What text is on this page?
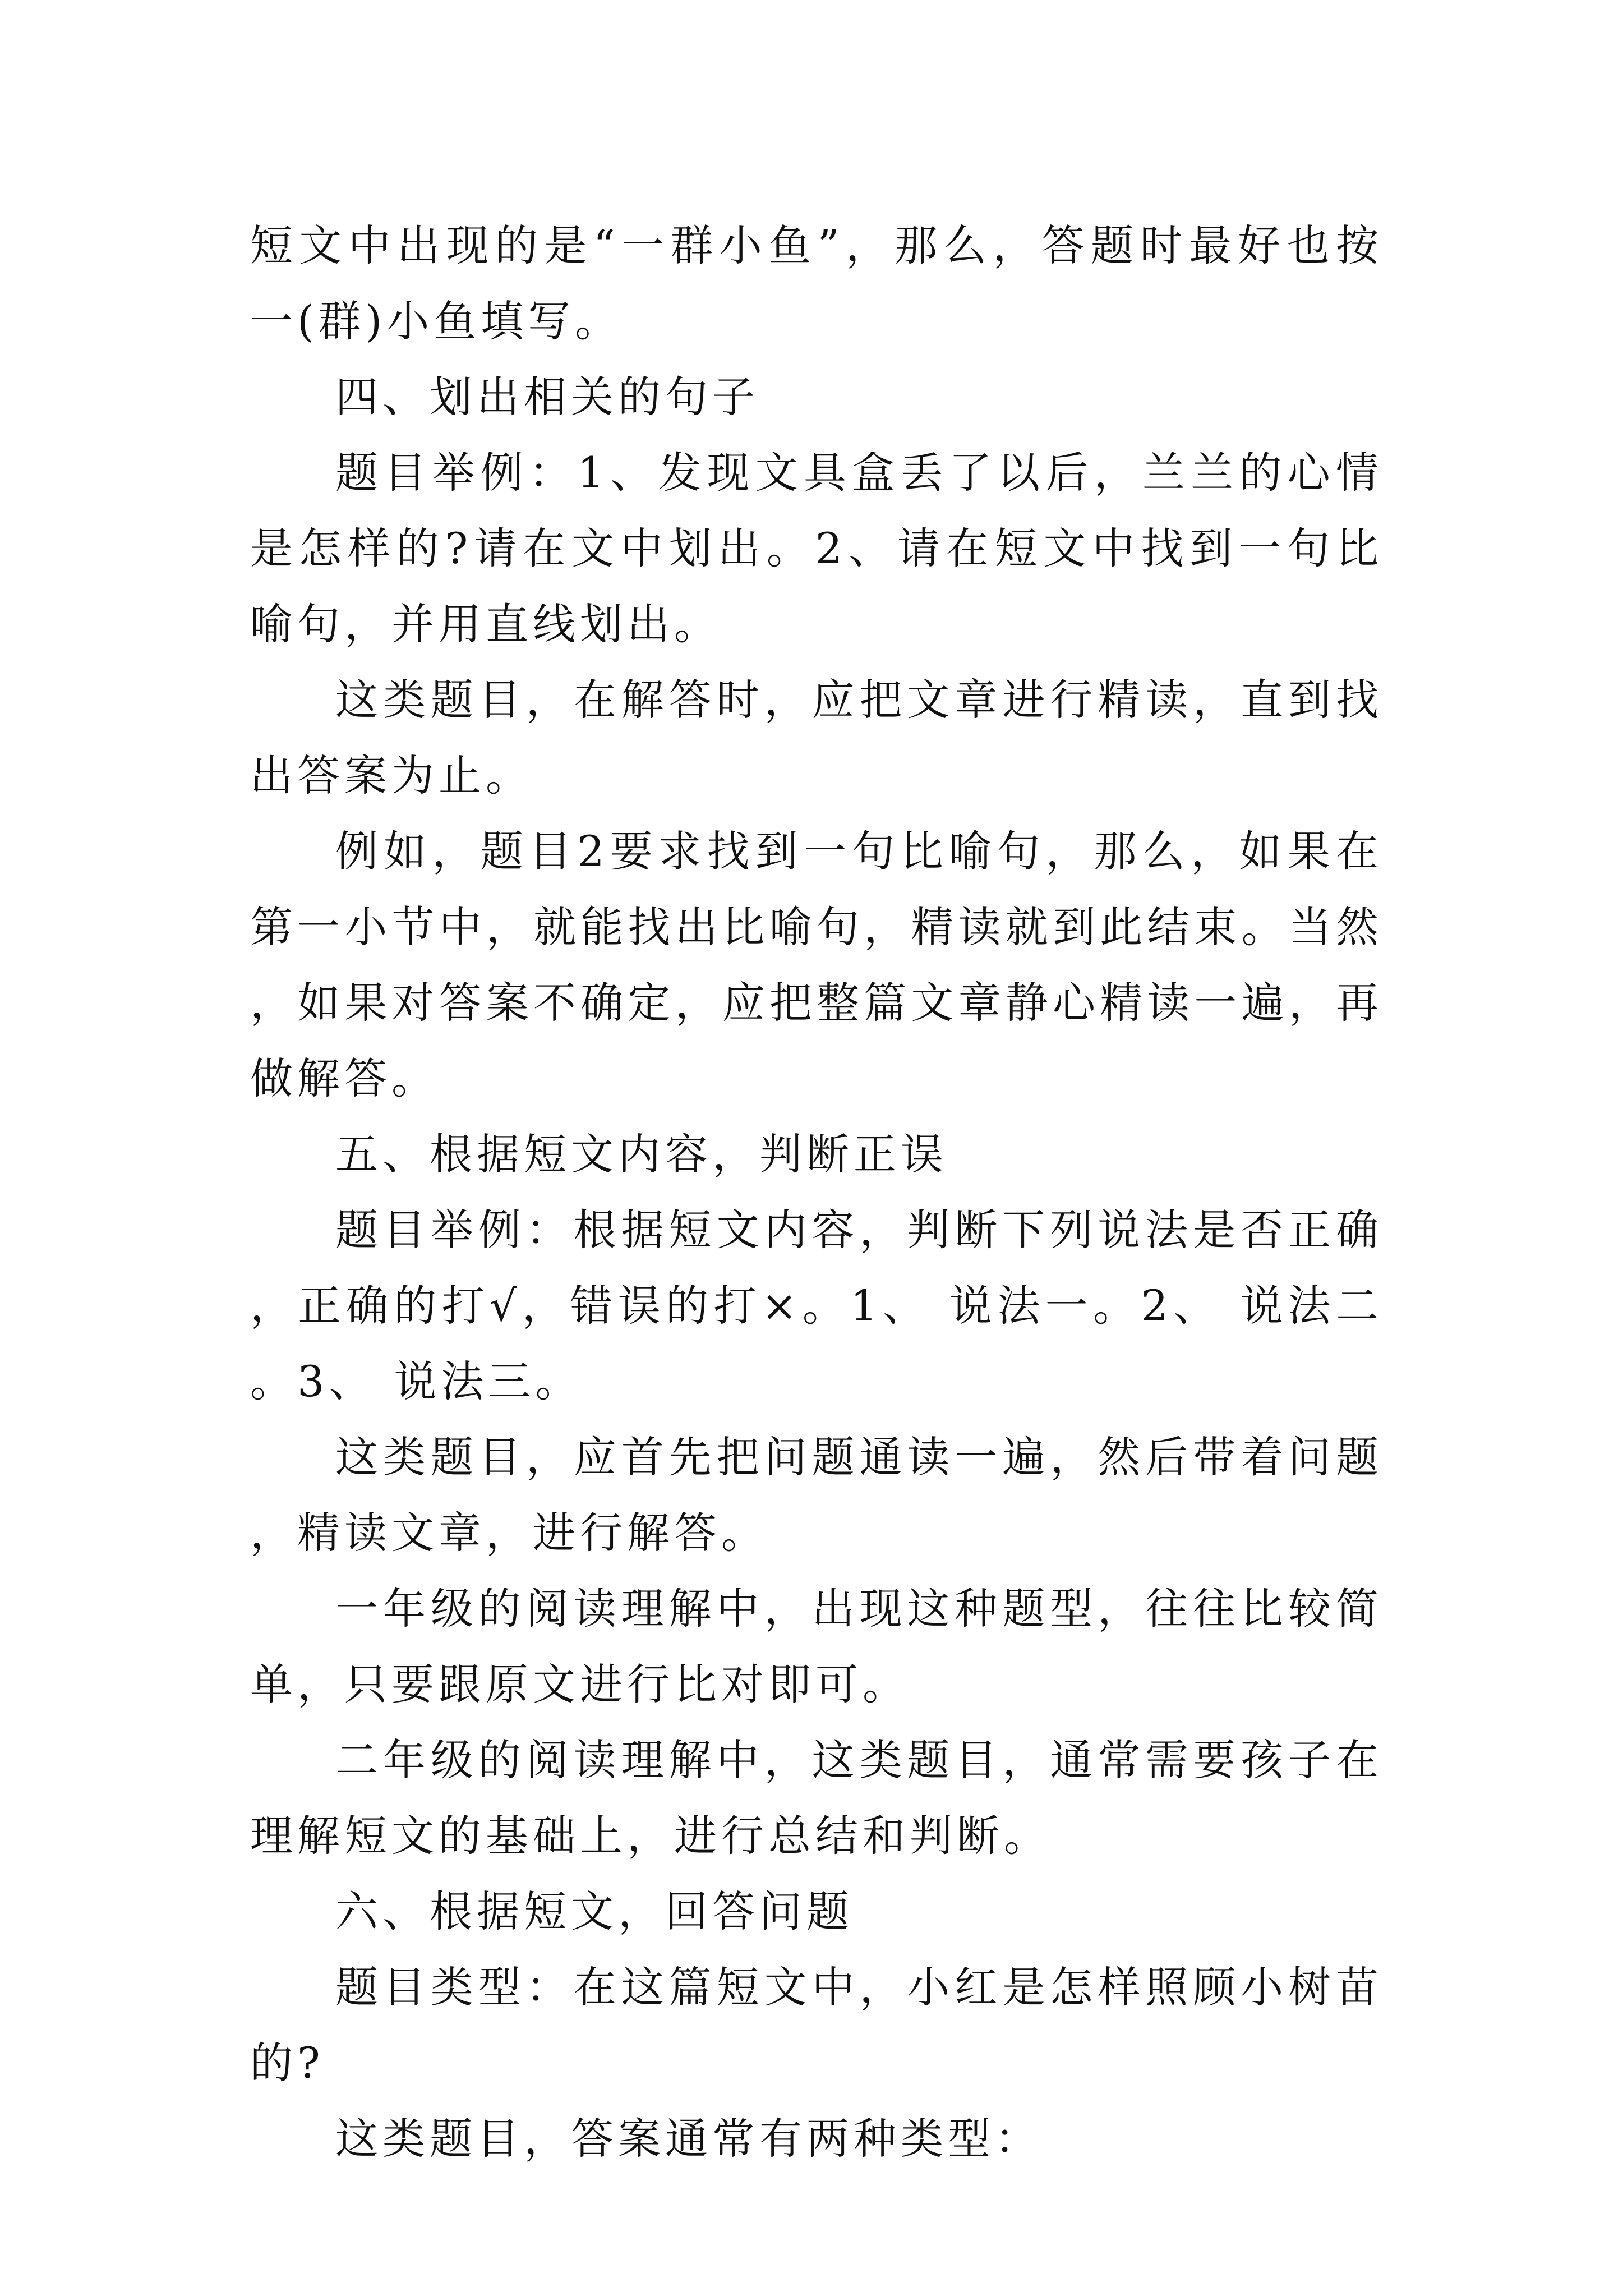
短文中出现的是“一群小鱼”，那么，答题时最好也按一(群)小鱼填写。

四、划出相关的句子

题目举例：1、发现文具盒丢了以后，兰兰的心情是怎样的?请在文中划出。2、请在短文中找到一句比喻句，并用直线划出。

这类题目，在解答时，应把文章进行精读，直到找出答案为止。

例如，题目2要求找到一句比喻句，那么，如果在第一小节中，就能找出比喻句，精读就到此结束。当然，如果对答案不确定，应把整篇文章静心精读一遍，再做解答。

五、根据短文内容，判断正误

题目举例：根据短文内容，判断下列说法是否正确，正确的打√，错误的打×。1、 说法一。2、 说法二。3、 说法三。

这类题目，应首先把问题通读一遍，然后带着问题，精读文章，进行解答。

一年级的阅读理解中，出现这种题型，往往比较简单，只要跟原文进行比对即可。

二年级的阅读理解中，这类题目，通常需要孩子在理解短文的基础上，进行总结和判断。

六、根据短文，回答问题

题目类型：在这篇短文中，小红是怎样照顾小树苗的?

这类题目，答案通常有两种类型：
